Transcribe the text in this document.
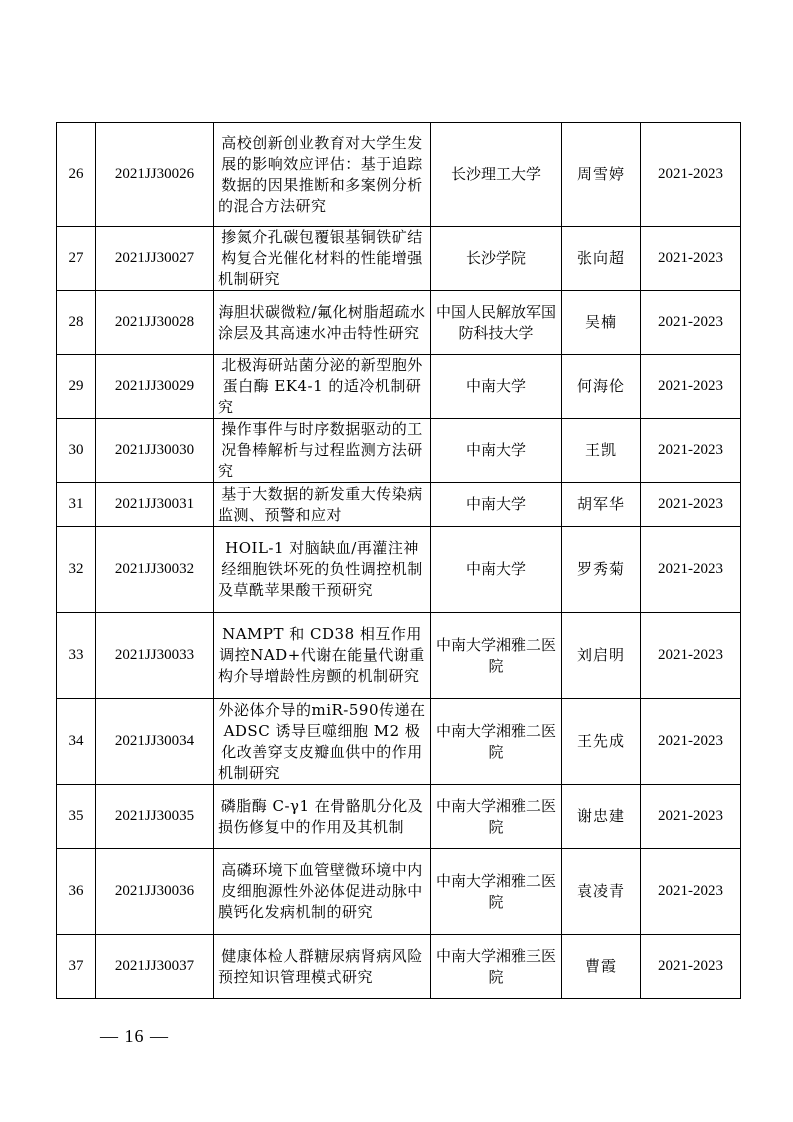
26	2021JJ30026	高校创新创业教育对大学生发展的影响效应评估：基于追踪数据的因果推断和多案例分析的混合方法研究	长沙理工大学	周雪婷	2021-2023
27	2021JJ30027	掺氮介孔碳包覆银基铜铁矿结构复合光催化材料的性能增强机制研究	长沙学院	张向超	2021-2023
28	2021JJ30028	海胆状碳微粒/氟化树脂超疏水涂层及其高速水冲击特性研究	中国人民解放军国防科技大学	吴楠	2021-2023
29	2021JJ30029	北极海研站菌分泌的新型胞外蛋白酶 EK4-1 的适冷机制研究	中南大学	何海伦	2021-2023
30	2021JJ30030	操作事件与时序数据驱动的工况鲁棒解析与过程监测方法研究	中南大学	王凯	2021-2023
31	2021JJ30031	基于大数据的新发重大传染病监测、预警和应对	中南大学	胡军华	2021-2023
32	2021JJ30032	HOIL-1 对脑缺血/再灌注神经细胞铁坏死的负性调控机制及草酰苹果酸干预研究	中南大学	罗秀菊	2021-2023
33	2021JJ30033	NAMPT 和 CD38 相互作用调控NAD+代谢在能量代谢重构介导增龄性房颤的机制研究	中南大学湘雅二医院	刘启明	2021-2023
34	2021JJ30034	外泌体介导的miR-590传递在 ADSC 诱导巨噬细胞 M2 极化改善穿支皮瓣血供中的作用机制研究	中南大学湘雅二医院	王先成	2021-2023
35	2021JJ30035	磷脂酶 C-γ1 在骨骼肌分化及损伤修复中的作用及其机制	中南大学湘雅二医院	谢忠建	2021-2023
36	2021JJ30036	高磷环境下血管壁微环境中内皮细胞源性外泌体促进动脉中膜钙化发病机制的研究	中南大学湘雅二医院	袁凌青	2021-2023
37	2021JJ30037	健康体检人群糖尿病肾病风险预控知识管理模式研究	中南大学湘雅三医院	曹霞	2021-2023
— 16 —
